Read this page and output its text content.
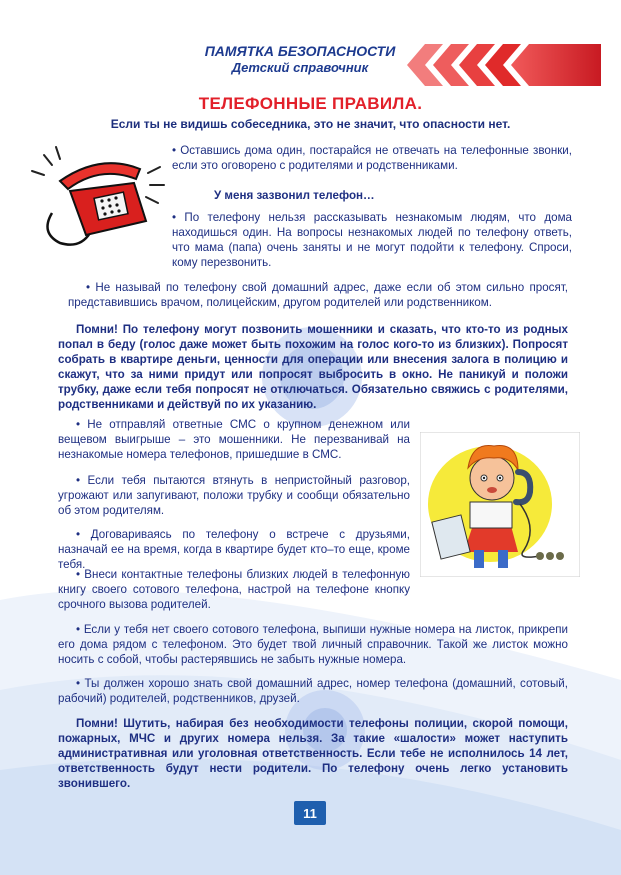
ПАМЯТКА БЕЗОПАСНОСТИ
Детский справочник
ТЕЛЕФОННЫЕ ПРАВИЛА.
Если ты не видишь собеседника, это не значит, что опасности нет.
• Оставшись дома один, постарайся не отвечать на телефонные звонки, если это оговорено с родителями и родственниками.
У меня зазвонил телефон…
• По телефону нельзя рассказывать незнакомым людям, что дома находишься один. На вопросы незнакомых людей по телефону ответь, что мама (папа) очень заняты и не могут подойти к телефону. Спроси, кому перезвонить.
• Не называй по телефону свой домашний адрес, даже если об этом сильно просят, представившись врачом, полицейским, другом родителей или родственником.
Помни! По телефону могут позвонить мошенники и сказать, что кто-то из родных попал в беду (голос даже может быть похожим на голос кого-то из близких). Попросят собрать в квартире деньги, ценности для операции или внесения залога в полицию и скажут, что за ними придут или попросят выбросить в окно. Не паникуй и положи трубку, даже если тебя попросят не отключаться. Обязательно свяжись с родителями, родственниками и действуй по их указанию.
• Не отправляй ответные СМС о крупном денежном или вещевом выигрыше – это мошенники. Не перезванивай на незнакомые номера телефонов, пришедшие в СМС.
• Если тебя пытаются втянуть в непристойный разговор, угрожают или запугивают, положи трубку и сообщи обязательно об этом родителям.
• Договариваясь по телефону о встрече с друзьями, назначай ее на время, когда в квартире будет кто–то еще, кроме тебя.
• Внеси контактные телефоны близких людей в телефонную книгу своего сотового телефона, настрой на телефоне кнопку срочного вызова родителей.
• Если у тебя нет своего сотового телефона, выпиши нужные номера на листок, прикрепи его дома рядом с телефоном. Это будет твой личный справочник. Такой же листок можно носить с собой, чтобы растерявшись не забыть нужные номера.
• Ты должен хорошо знать свой домашний адрес, номер телефона (домашний, сотовый, рабочий) родителей, родственников, друзей.
Помни! Шутить, набирая без необходимости телефоны полиции, скорой помощи, пожарных, МЧС и других номера нельзя. За такие «шалости» может наступить административная или уголовная ответственность. Если тебе не исполнилось 14 лет, ответственность будут нести родители. По телефону очень легко установить звонившего.
11
